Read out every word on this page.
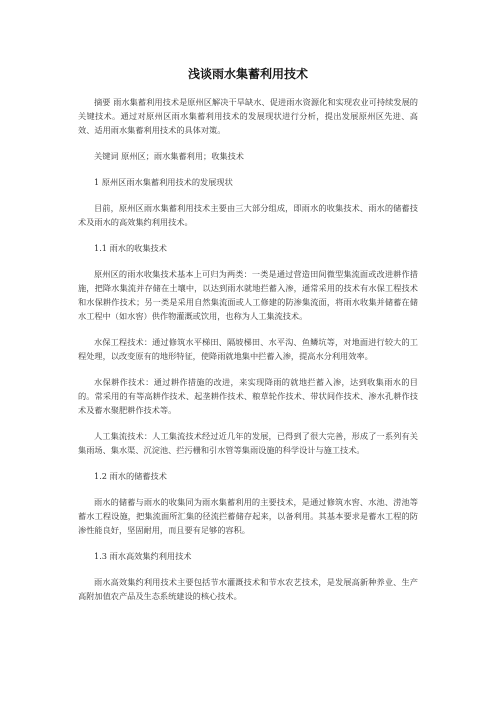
浅谈雨水集蓄利用技术

摘要 雨水集蓄利用技术是原州区解决干旱缺水、促进雨水资源化和实现农业可持续发展的关键技术。通过对原州区雨水集蓄利用技术的发展现状进行分析，提出发展原州区先进、高效、适用雨水集蓄利用技术的具体对策。

关键词 原州区；雨水集蓄利用；收集技术

1 原州区雨水集蓄利用技术的发展现状

目前，原州区雨水集蓄利用技术主要由三大部分组成，即雨水的收集技术、雨水的储蓄技术及雨水的高效集约利用技术。

1.1 雨水的收集技术

原州区的雨水收集技术基本上可归为两类：一类是通过营造田间微型集流面或改进耕作措施，把降水集流并存储在土壤中，以达到雨水就地拦蓄入渗，通常采用的技术有水保工程技术和水保耕作技术；另一类是采用自然集流面或人工修建的防渗集流面，将雨水收集并储蓄在储水工程中（如水窖）供作物灌溉或饮用，也称为人工集流技术。

水保工程技术：通过修筑水平梯田、隔坡梯田、水平沟、鱼鳞坑等，对地面进行较大的工程处理，以改变原有的地形特征，使降雨就地集中拦蓄入渗，提高水分利用效率。

水保耕作技术：通过耕作措施的改进，来实现降雨的就地拦蓄入渗，达到收集雨水的目的。常采用的有等高耕作技术、起垄耕作技术、粮草轮作技术、带状间作技术、渗水孔耕作技术及蓄水聚肥耕作技术等。

人工集流技术：人工集流技术经过近几年的发展，已得到了很大完善，形成了一系列有关集雨场、集水渠、沉淀池、拦污栅和引水管等集雨设施的科学设计与施工技术。

1.2 雨水的储蓄技术

雨水的储蓄与雨水的收集同为雨水集蓄利用的主要技术，是通过修筑水窖、水池、涝池等蓄水工程设施，把集流面所汇集的径流拦蓄储存起来，以备利用。其基本要求是蓄水工程的防渗性能良好，坚固耐用，而且要有足够的容积。

1.3 雨水高效集约利用技术

雨水高效集约利用技术主要包括节水灌溉技术和节水农艺技术，是发展高新种养业、生产高附加值农产品及生态系统建设的核心技术。
